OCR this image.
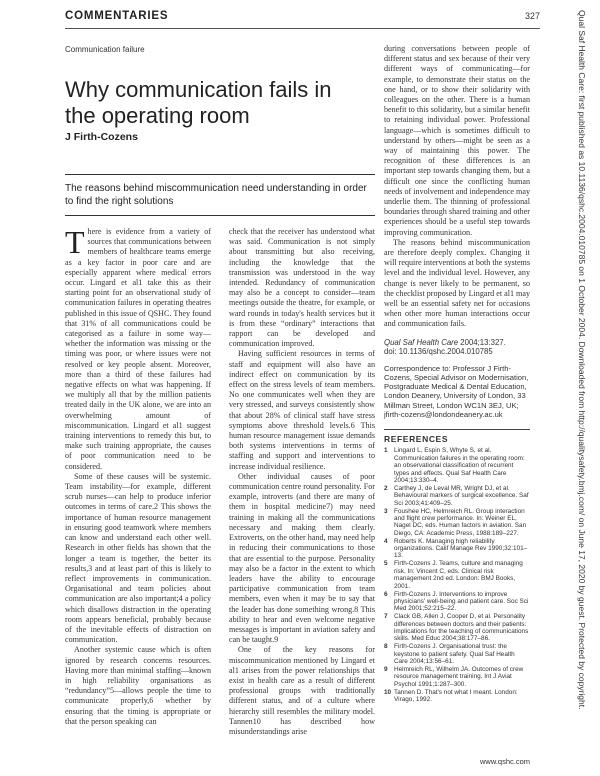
COMMENTARIES	327
Communication failure
Why communication fails in the operating room
J Firth-Cozens
The reasons behind miscommunication need understanding in order to find the right solutions

There is evidence from a variety of sources that communications between members of healthcare teams emerge as a key factor in poor care and are especially apparent where medical errors occur. Lingard et al1 take this as their starting point for an observational study of communication failures in operating theatres published in this issue of QSHC. They found that 31% of all communications could be categorised as a failure in some way—whether the information was missing or the timing was poor, or where issues were not resolved or key people absent. Moreover, more than a third of these failures had negative effects on what was happening. If we multiply all that by the million patients treated daily in the UK alone, we are into an overwhelming amount of miscommunication. Lingard et al1 suggest training interventions to remedy this but, to make such training appropriate, the causes of poor communication need to be considered.

Some of these causes will be systemic. Team instability—for example, different scrub nurses—can help to produce inferior outcomes in terms of care.2 This shows the importance of human resource management in ensuring good teamwork where members can know and understand each other well. Research in other fields has shown that the longer a team is together, the better its results,3 and at least part of this is likely to reflect improvements in communication. Organisational and team policies about communication are also important;4 a policy which disallows distraction in the operating room appears beneficial, probably because of the inevitable effects of distraction on communication.

Another systemic cause which is often ignored by research concerns resources. Having more than minimal staffing—known in high reliability organisations as “redundancy”5—allows people the time to communicate properly,6 whether by ensuring that the timing is appropriate or that the person speaking can

check that the receiver has understood what was said. Communication is not simply about transmitting but also receiving, including the knowledge that the transmission was understood in the way intended. Redundancy of communication may also be a concept to consider—team meetings outside the theatre, for example, or ward rounds in today's health services but it is from these “ordinary” interactions that rapport can be developed and communication improved.

Having sufficient resources in terms of staff and equipment will also have an indirect effect on communication by its effect on the stress levels of team members. No one communicates well when they are very stressed, and surveys consistently show that about 28% of clinical staff have stress symptoms above threshold levels.6 This human resource management issue demands both systems interventions in terms of staffing and support and interventions to increase individual resilience.

Other individual causes of poor communication centre round personality. For example, introverts (and there are many of them in hospital medicine7) may need training in making all the communications necessary and making them clearly. Extroverts, on the other hand, may need help in reducing their communications to those that are essential to the purpose. Personality may also be a factor in the extent to which leaders have the ability to encourage participative communication from team members, even when it may be to say that the leader has done something wrong.8 This ability to hear and even welcome negative messages is important in aviation safety and can be taught.9

One of the key reasons for miscommunication mentioned by Lingard et al1 arises from the power relationships that exist in health care as a result of different professional groups with traditionally different status, and of a culture where hierarchy still resembles the military model. Tannen10 has described how misunderstandings arise

during conversations between people of different status and sex because of their very different ways of communicating—for example, to demonstrate their status on the one hand, or to show their solidarity with colleagues on the other. There is a human benefit to this solidarity, but a similar benefit to retaining individual power. Professional language—which is sometimes difficult to understand by others—might be seen as a way of maintaining this power. The recognition of these differences is an important step towards changing them, but a difficult one since the conflicting human needs of involvement and independence may underlie them. The thinning of professional boundaries through shared training and other experiences should be a useful step towards improving communication.

The reasons behind miscommunication are therefore deeply complex. Changing it will require interventions at both the systems level and the individual level. However, any change is never likely to be permanent, so the checklist proposed by Lingard et al1 may well be an essential safety net for occasions when other more human interactions occur and communication fails.

Qual Saf Health Care 2004;13:327.
doi: 10.1136/qshc.2004.010785
Correspondence to: Professor J Firth-Cozens, Special Advisor on Modernisation, Postgraduate Medical & Dental Education, London Deanery, University of London, 33 Millman Street, London WC1N 3EJ, UK; jfirth-cozens@londondeanery.ac.uk
REFERENCES
1	Lingard L, Espin S, Whyte S, et al. Communication failures in the operating room: an observational classification of recurrent types and effects. Qual Saf Health Care 2004;13:330–4.
2	Carthey J, de Leval MR, Wright DJ, et al. Behavioural markers of surgical excellence. Saf Sci 2003;41:409–25.
3	Foushee HC, Helmreich RL. Group interaction and flight crew performance. In: Weiner EL, Nagel DC, eds. Human factors in aviation. San Diego, CA: Academic Press, 1988:189–227.
4	Roberts K. Managing high reliability organizations. Calif Manage Rev 1990;32:101–13.
5	Firth-Cozens J. Teams, culture and managing risk. In: Vincent C, eds. Clinical risk management 2nd ed. London: BMJ Books, 2001.
6	Firth-Cozens J. Interventions to improve physicians' well-being and patient care. Soc Sci Med 2001;52:215–22.
7	Clack GB, Allen J, Cooper D, et al. Personality differences between doctors and their patients: implications for the teaching of communications skills. Med Educ 2004;38:177–86.
8	Firth-Cozens J. Organisational trust: the keystone to patient safety. Qual Saf Health Care 2004;13:56–61.
9	Helmreich RL, Wilhelm JA. Outcomes of crew resource management training. Int J Aviat Psychol 1991;1:287–300.
10 Tannen D. That's not what I meant. London: Virago, 1992.
www.qshc.com
Qual Saf Health Care: first published as 10.1136/qshc.2004.010785 on 1 October 2004. Downloaded from http://qualitysafety.bmj.com/ on June 17, 2020 by guest. Protected by copyright.
